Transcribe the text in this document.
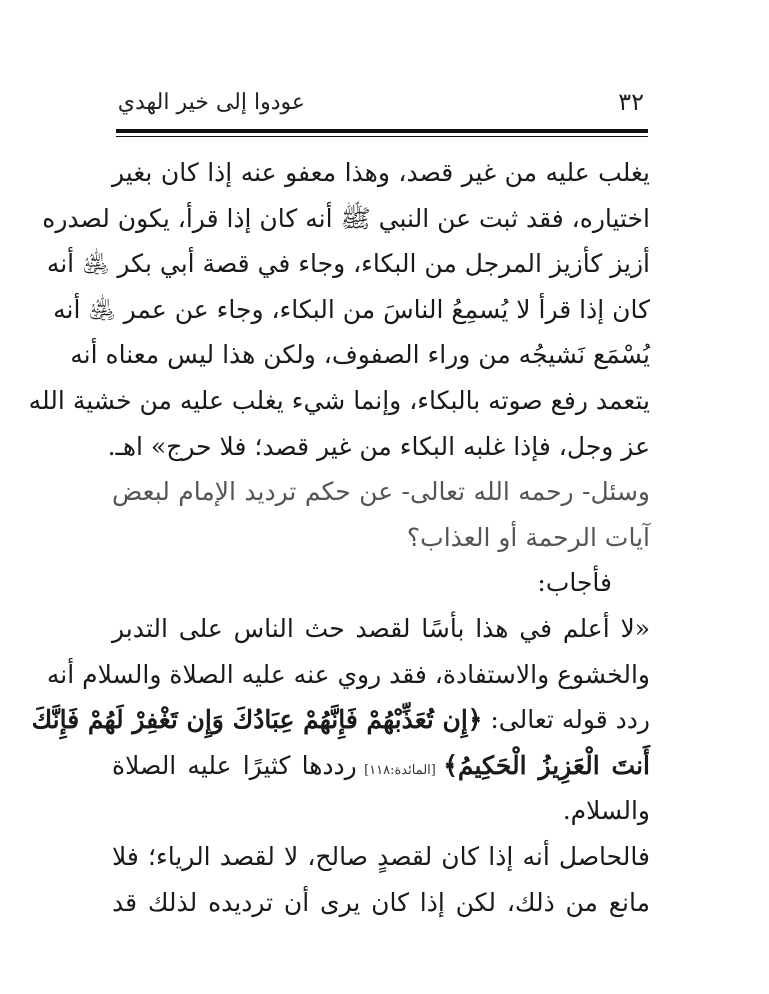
عودوا إلى خير الهدي	٣٢
يغلب عليه من غير قصد، وهذا معفو عنه إذا كان بغير
اختياره، فقد ثبت عن النبي ﷺ أنه كان إذا قرأ، يكون لصدره
أزيز كأزيز المرجل من البكاء، وجاء في قصة أبي بكر ﵁ أنه
كان إذا قرأ لا يُسمِعُ الناسَ من البكاء، وجاء عن عمر ﵁ أنه
يُسْمَع نَشيجُه من وراء الصفوف، ولكن هذا ليس معناه أنه
يتعمد رفع صوته بالبكاء، وإنما شيء يغلب عليه من خشية الله
عز وجل، فإذا غلبه البكاء من غير قصد؛ فلا حرج» اهـ.
وسئل- رحمه الله تعالى- عن حكم ترديد الإمام لبعض
آيات الرحمة أو العذاب؟
فأجاب:
«لا أعلم في هذا بأسًا لقصد حث الناس على التدبر
والخشوع والاستفادة، فقد روي عنه عليه الصلاة والسلام أنه
ردد قوله تعالى: ﴿إِن تُعَذِّبْهُمْ فَإِنَّهُمْ عِبَادُكَ وَإِن تَغْفِرْ لَهُمْ فَإِنَّكَ
أَنتَ الْعَزِيزُ الْحَكِيمُ﴾ [المائدة:١١٨] رددها كثيرًا عليه الصلاة
والسلام.
فالحاصل أنه إذا كان لقصدٍ صالح، لا لقصد الرياء؛ فلا
مانع من ذلك، لكن إذا كان يرى أن ترديده لذلك قد
